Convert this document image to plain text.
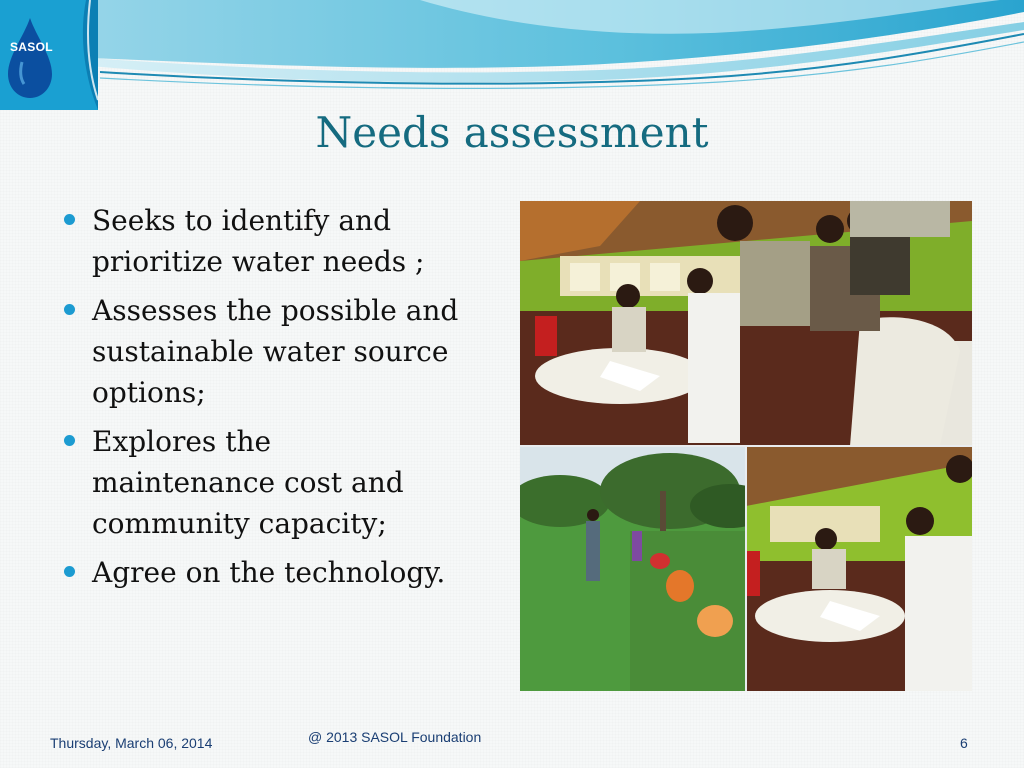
SASOL
Needs assessment
Seeks to identify and prioritize water needs ;
Assesses the possible and sustainable water source options;
Explores the maintenance cost and community capacity;
Agree on the technology.
Thursday, March 06, 2014	@ 2013 SASOL Foundation	6
